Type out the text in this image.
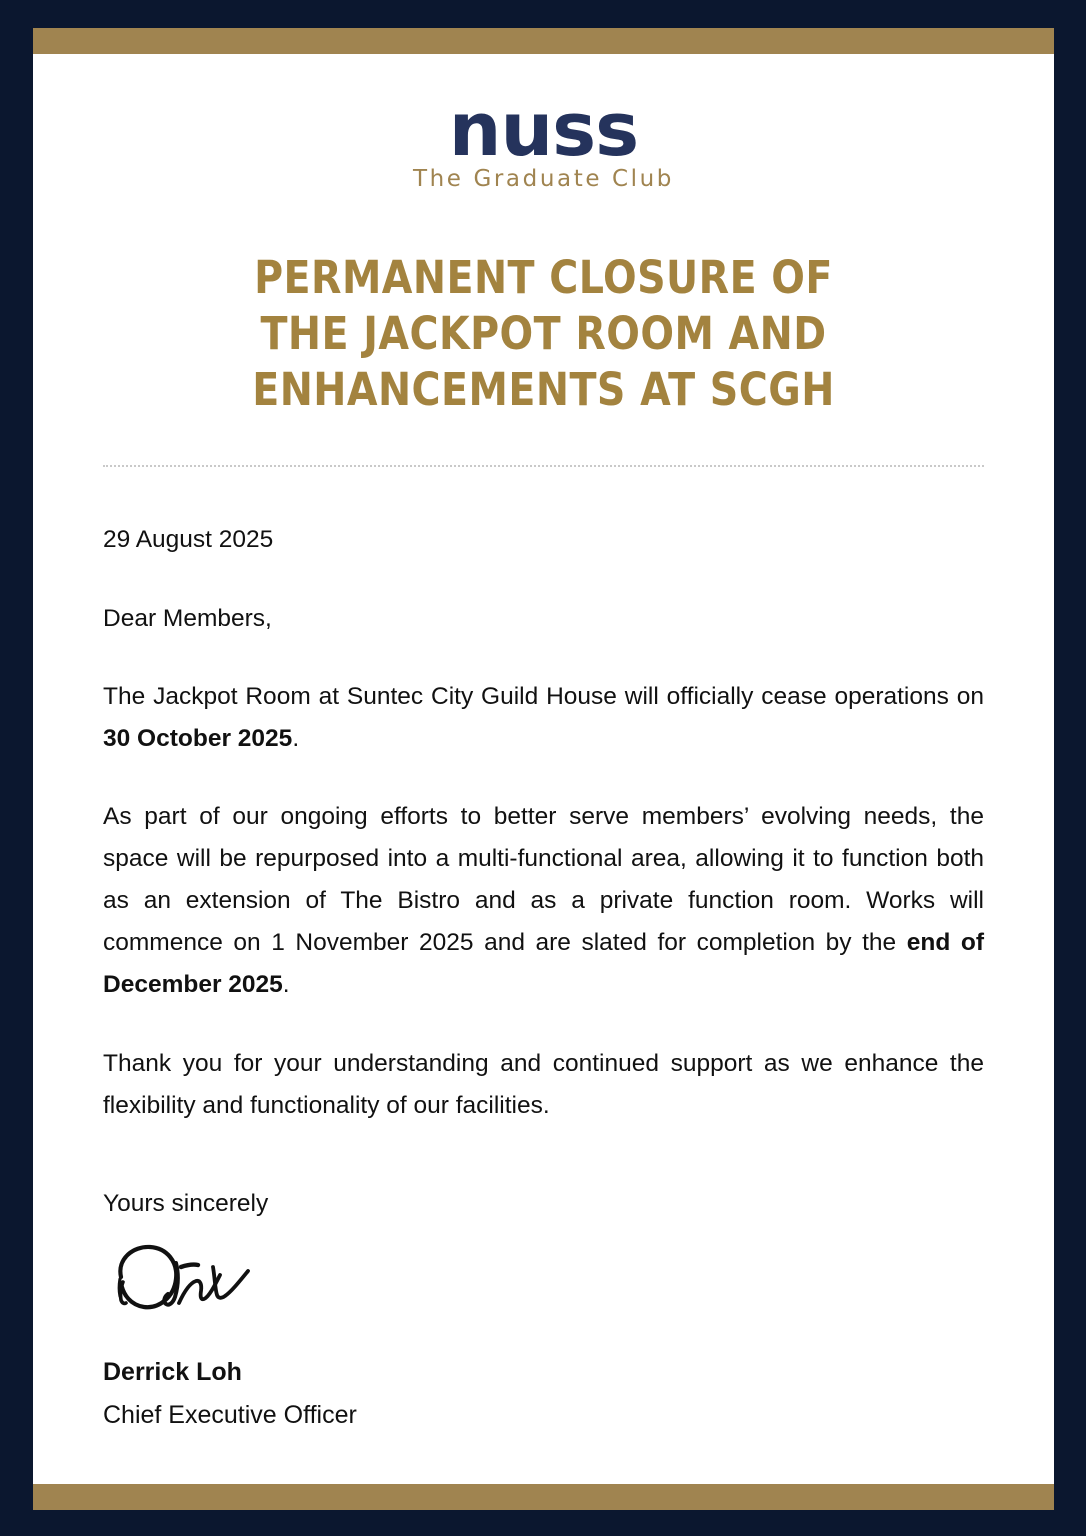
nuss
The Graduate Club
PERMANENT CLOSURE OF
THE JACKPOT ROOM AND
ENHANCEMENTS AT SCGH
29 August 2025
Dear Members,

The Jackpot Room at Suntec City Guild House will officially cease operations on 30 October 2025.

As part of our ongoing efforts to better serve members’ evolving needs, the space will be repurposed into a multi-functional area, allowing it to function both as an extension of The Bistro and as a private function room. Works will commence on 1 November 2025 and are slated for completion by the end of December 2025.

Thank you for your understanding and continued support as we enhance the flexibility and functionality of our facilities.

Yours sincerely
Derrick Loh
Chief Executive Officer
